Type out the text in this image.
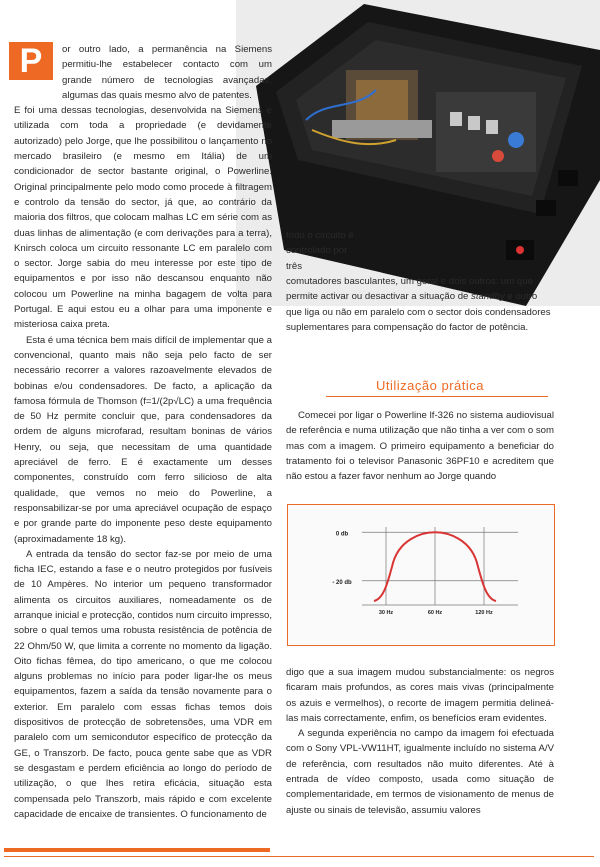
P	or outro lado, a permanência na Siemens permitiu-lhe estabelecer contacto com um grande número de tecnologias avançadas, algumas das quais mesmo alvo de patentes.

E foi uma dessas tecnologias, desenvolvida na Siemens e utilizada com toda a propriedade (e devidamente autorizado) pelo Jorge, que lhe possibilitou o lançamento no mercado brasileiro (e mesmo em Itália) de um condicionador de sector bastante original, o Powerline. Original principalmente pelo modo como procede à filtragem e controlo da tensão do sector, já que, ao contrário da maioria dos filtros, que colocam malhas LC em série com as duas linhas de alimentação (e com derivações para a terra), Knirsch coloca um circuito ressonante LC em paralelo com o sector. Jorge sabia do meu interesse por este tipo de equipamentos e por isso não descansou enquanto não colocou um Powerline na minha bagagem de volta para Portugal. E aqui estou eu a olhar para uma imponente e misteriosa caixa preta.

Esta é uma técnica bem mais difícil de implementar que a convencional, quanto mais não seja pelo facto de ser necessário recorrer a valores razoavelmente elevados de bobinas e/ou condensadores. De facto, a aplicação da famosa fórmula de Thomson (f=1/(2p√LC) a uma frequência de 50 Hz permite concluir que, para condensadores da ordem de alguns microfarad, resultam boninas de vários Henry, ou seja, que necessitam de uma quantidade apreciável de ferro. E é exactamente um desses componentes, construído com ferro silicioso de alta qualidade, que vemos no meio do Powerline, a responsabilizar-se por uma apreciável ocupação de espaço e por grande parte do imponente peso deste equipamento (aproximadamente 18 kg).

A entrada da tensão do sector faz-se por meio de uma ficha IEC, estando a fase e o neutro protegidos por fusíveis de 10 Ampères. No interior um pequeno transformador alimenta os circuitos auxiliares, nomeadamente os de arranque inicial e protecção, contidos num circuito impresso, sobre o qual temos uma robusta resistência de potência de 22 Ohm/50 W, que limita a corrente no momento da ligação. Oito fichas fêmea, do tipo americano, o que me colocou alguns problemas no início para poder ligar-lhe os meus equipamentos, fazem a saída da tensão novamente para o exterior. Em paralelo com essas fichas temos dois dispositivos de protecção de sobretensões, uma VDR em paralelo com um semicondutor específico de protecção da GE, o Transzorb. De facto, pouca gente sabe que as VDR se desgastam e perdem eficiência ao longo do período de utilização, o que lhes retira eficácia, situação esta compensada pelo Transzorb, mais rápido e com excelente capacidade de encaixe de transientes. O funcionamento de

todo o circuito é controlado por três
comutadores basculantes, um geral e dois outros: um que permite activar ou desactivar a situação de standby e outro que liga ou não em paralelo com o sector dois condensadores suplementares para compensação do factor de potência.
Utilização prática

Comecei por ligar o Powerline lf-326 no sistema audiovisual de referência e numa utilização que não tinha a ver com o som mas com a imagem. O primeiro equipamento a beneficiar do tratamento foi o televisor Panasonic 36PF10 e acreditem que não estou a fazer favor nenhum ao Jorge quando

0 db
- 20 db
30 Hz	60 Hz	120 Hz

digo que a sua imagem mudou substancialmente: os negros ficaram mais profundos, as cores mais vivas (principalmente os azuis e vermelhos), o recorte de imagem permitia delineá-las mais correctamente, enfim, os benefícios eram evidentes.

A segunda experiência no campo da imagem foi efectuada com o Sony VPL-VW11HT, igualmente incluído no sistema A/V de referência, com resultados não muito diferentes. Até à entrada de vídeo composto, usada como situação de complementaridade, em termos de visionamento de menus de ajuste ou sinais de televisão, assumiu valores
